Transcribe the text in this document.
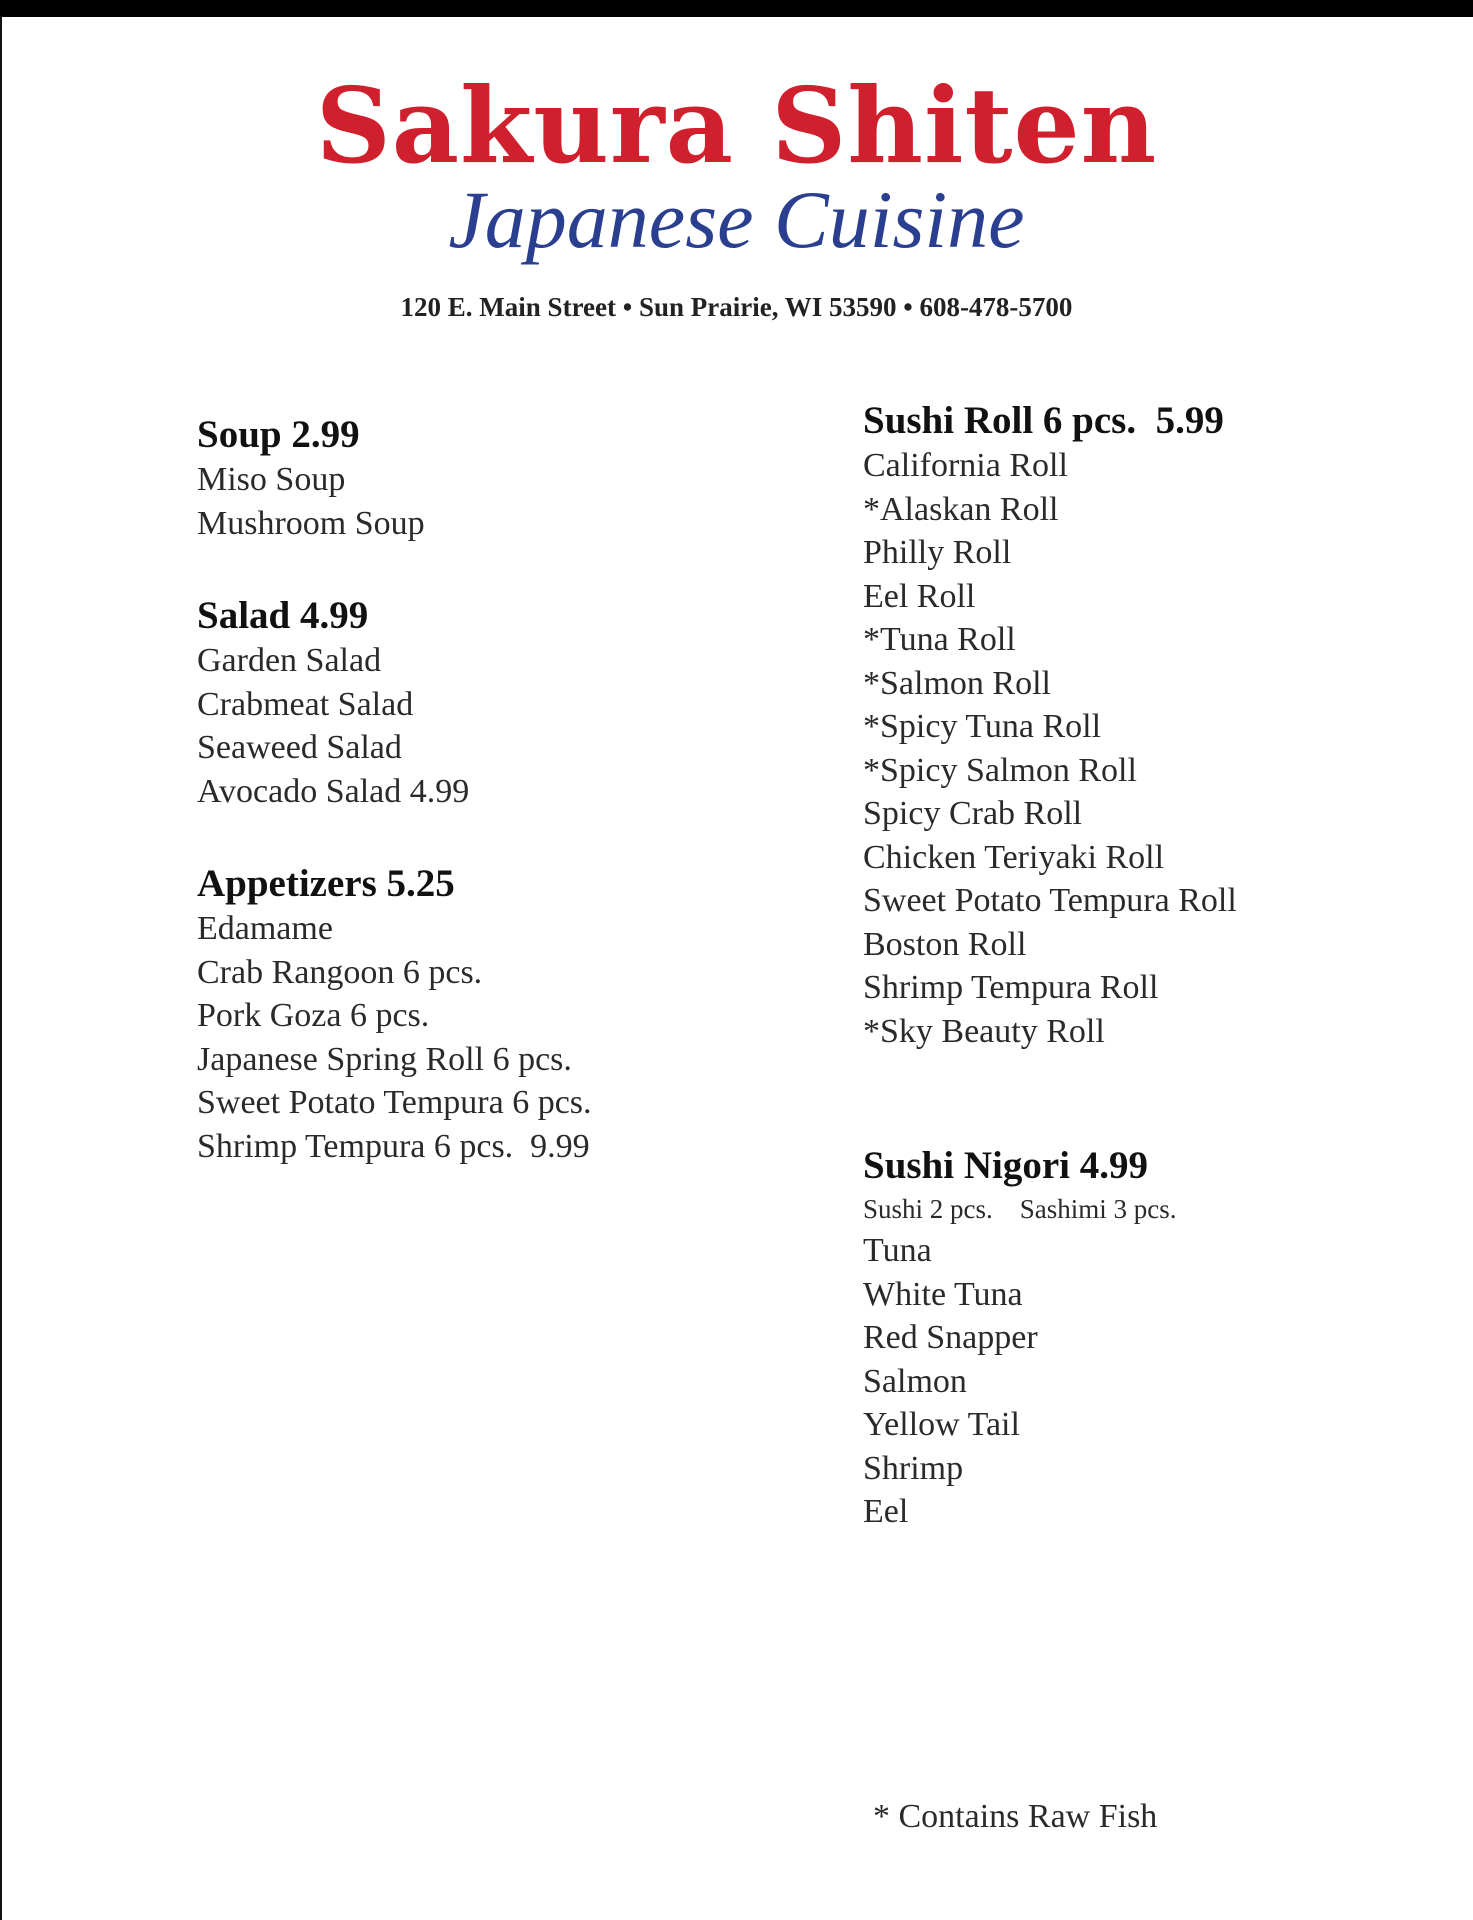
Sakura Shiten
Japanese Cuisine
120 E. Main Street • Sun Prairie, WI 53590 • 608-478-5700
Soup 2.99
Miso Soup
Mushroom Soup
Salad 4.99
Garden Salad
Crabmeat Salad
Seaweed Salad
Avocado Salad 4.99
Appetizers 5.25
Edamame
Crab Rangoon 6 pcs.
Pork Goza 6 pcs.
Japanese Spring Roll 6 pcs.
Sweet Potato Tempura 6 pcs.
Shrimp Tempura 6 pcs.  9.99
Sushi Roll 6 pcs.  5.99
California Roll
*Alaskan Roll
Philly Roll
Eel Roll
*Tuna Roll
*Salmon Roll
*Spicy Tuna Roll
*Spicy Salmon Roll
Spicy Crab Roll
Chicken Teriyaki Roll
Sweet Potato Tempura Roll
Boston Roll
Shrimp Tempura Roll
*Sky Beauty Roll
Sushi Nigori 4.99
Sushi 2 pcs.    Sashimi 3 pcs.
Tuna
White Tuna
Red Snapper
Salmon
Yellow Tail
Shrimp
Eel
* Contains Raw Fish
